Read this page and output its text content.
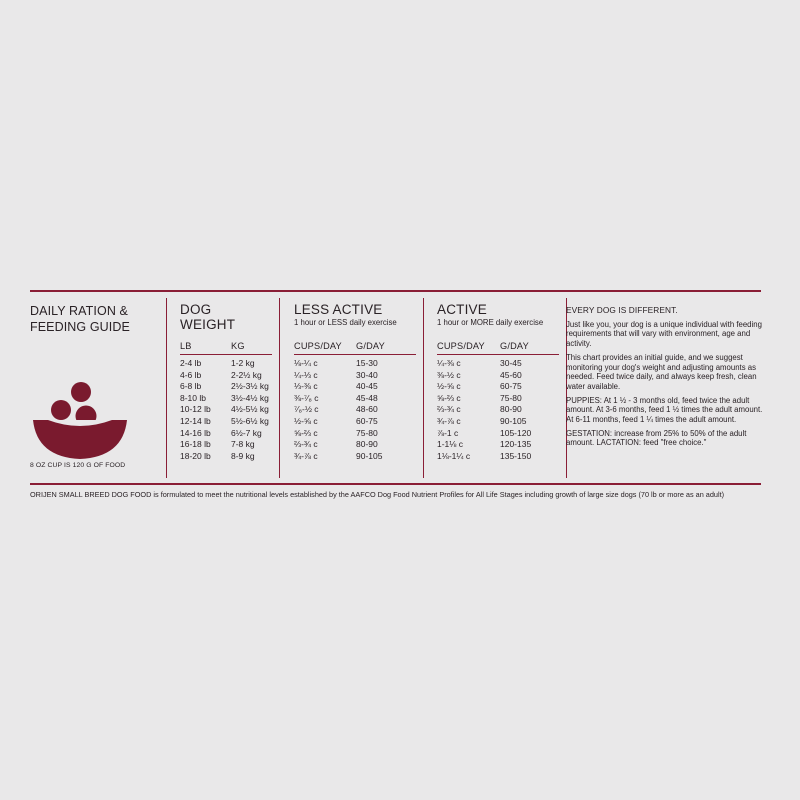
DAILY RATION &
FEEDING GUIDE
8 OZ CUP IS 120 G OF FOOD
DOG
WEIGHT
LB	KG
LESS ACTIVE
1 hour or LESS daily exercise
CUPS/DAY G/DAY
ACTIVE
1 hour or MORE daily exercise
CUPS/DAY G/DAY
2-4 lb	1-2 kg	⅛-¼ c	15-30	¼-⅜ c	30-45
4-6 lb	2-2½ kg	¼-⅓ c	30-40	⅜-½ c	45-60
6-8 lb	2½-3½ kg	⅓-⅜ c	40-45	½-⅝ c	60-75
8-10 lb	3½-4½ kg	⅜-⁷⁄₈ c	45-48	⅝-⅔ c	75-80
10-12 lb 4½-5½ kg	⁷⁄₈-½ c	48-60	⅔-¾ c	80-90
12-14 lb 5½-6½ kg	½-⅝ c	60-75	¾-⅞ c	90-105
14-16 lb 6½-7 kg	⅝-⅔ c	75-80	⅞-1 c	105-120
16-18 lb 7-8 kg	⅔-¾ c	80-90	1-1⅛ c	120-135
18-20 lb 8-9 kg	¾-⅞ c	90-105	1⅛-1¼ c	135-150
EVERY DOG IS DIFFERENT.

Just like you, your dog is a unique individual with feeding requirements that will vary with environment, age and activity.

This chart provides an initial guide, and we suggest monitoring your dog's weight and adjusting amounts as needed. Feed twice daily, and always keep fresh, clean water available.

PUPPIES: At 1 ½ - 3 months old, feed twice the adult amount. At 3-6 months, feed 1 ½ times the adult amount. At 6-11 months, feed 1 ¼ times the adult amount.

GESTATION: increase from 25% to 50% of the adult amount. LACTATION: feed "free choice."

ORIJEN SMALL BREED DOG FOOD is formulated to meet the nutritional levels established by the AAFCO Dog Food Nutrient Profiles for All Life Stages including growth of large size dogs (70 lb or more as an adult)
